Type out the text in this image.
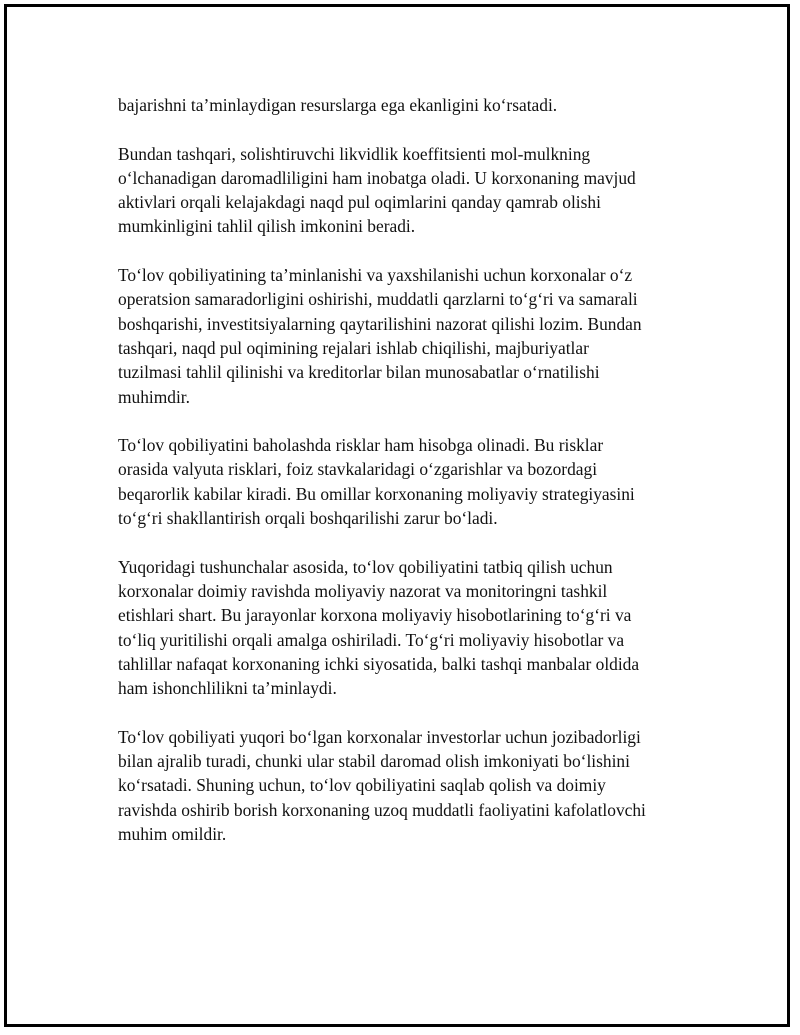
bajarishni ta’minlaydigan resurslarga ega ekanligini ko‘rsatadi.

Bundan tashqari, solishtiruvchi likvidlik koeffitsienti mol-mulkning
o‘lchanadigan daromadliligini ham inobatga oladi. U korxonaning mavjud
aktivlari orqali kelajakdagi naqd pul oqimlarini qanday qamrab olishi
mumkinligini tahlil qilish imkonini beradi.

To‘lov qobiliyatining ta’minlanishi va yaxshilanishi uchun korxonalar o‘z
operatsion samaradorligini oshirishi, muddatli qarzlarni to‘g‘ri va samarali
boshqarishi, investitsiyalarning qaytarilishini nazorat qilishi lozim. Bundan
tashqari, naqd pul oqimining rejalari ishlab chiqilishi, majburiyatlar
tuzilmasi tahlil qilinishi va kreditorlar bilan munosabatlar o‘rnatilishi
muhimdir.

To‘lov qobiliyatini baholashda risklar ham hisobga olinadi. Bu risklar
orasida valyuta risklari, foiz stavkalaridagi o‘zgarishlar va bozordagi
beqarorlik kabilar kiradi. Bu omillar korxonaning moliyaviy strategiyasini
to‘g‘ri shakllantirish orqali boshqarilishi zarur bo‘ladi.

Yuqoridagi tushunchalar asosida, to‘lov qobiliyatini tatbiq qilish uchun
korxonalar doimiy ravishda moliyaviy nazorat va monitoringni tashkil
etishlari shart. Bu jarayonlar korxona moliyaviy hisobotlarining to‘g‘ri va
to‘liq yuritilishi orqali amalga oshiriladi. To‘g‘ri moliyaviy hisobotlar va
tahlillar nafaqat korxonaning ichki siyosatida, balki tashqi manbalar oldida
ham ishonchlilikni ta’minlaydi.

To‘lov qobiliyati yuqori bo‘lgan korxonalar investorlar uchun jozibadorligi
bilan ajralib turadi, chunki ular stabil daromad olish imkoniyati bo‘lishini
ko‘rsatadi. Shuning uchun, to‘lov qobiliyatini saqlab qolish va doimiy
ravishda oshirib borish korxonaning uzoq muddatli faoliyatini kafolatlovchi
muhim omildir.
